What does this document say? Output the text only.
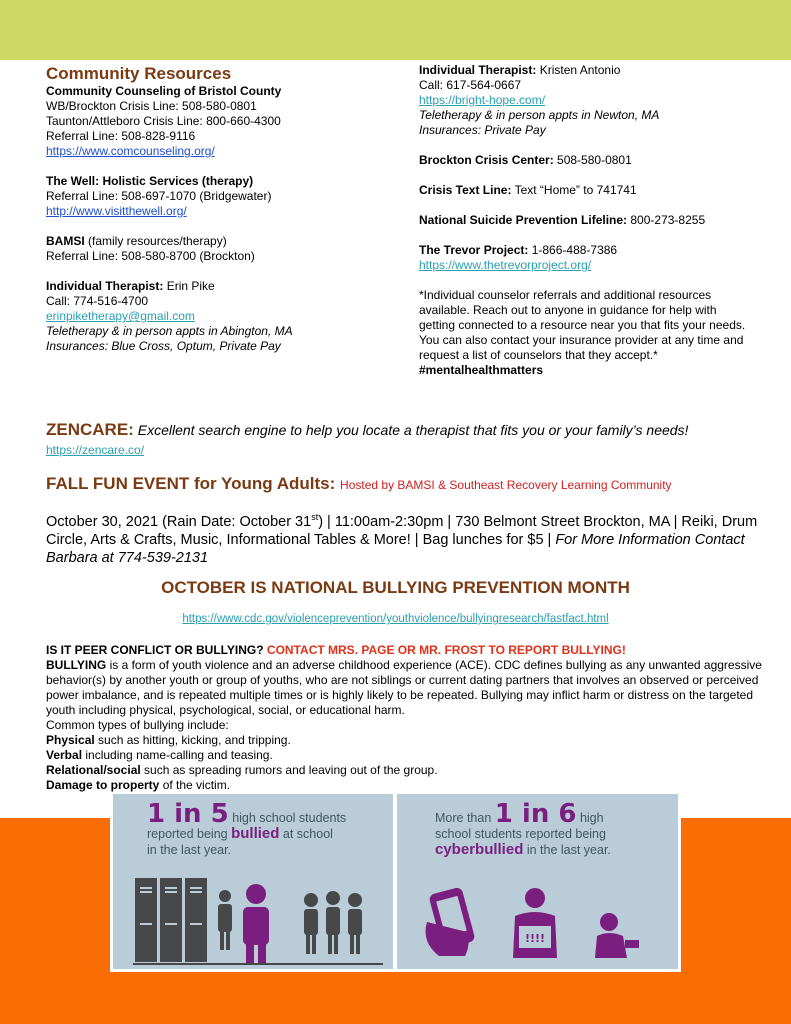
Community Resources

Community Counseling of Bristol County

WB/Brockton Crisis Line: 508-580-0801

Taunton/Attleboro Crisis Line: 800-660-4300

Referral Line: 508-828-9116

https://www.comcounseling.org/

The Well: Holistic Services (therapy)

Referral Line: 508-697-1070 (Bridgewater)

http://www.visitthewell.org/

BAMSI (family resources/therapy)

Referral Line: 508-580-8700 (Brockton)

Individual Therapist: Erin Pike

Call: 774-516-4700

erinpiketherapy@gmail.com

Teletherapy & in person appts in Abington, MA

Insurances: Blue Cross, Optum, Private Pay

Individual Therapist: Kristen Antonio

Call: 617-564-0667

https://bright-hope.com/

Teletherapy & in person appts in Newton, MA

Insurances: Private Pay

Brockton Crisis Center: 508-580-0801

Crisis Text Line: Text “Home” to 741741

National Suicide Prevention Lifeline: 800-273-8255

The Trevor Project: 1-866-488-7386

https://www.thetrevorproject.org/

*Individual counselor referrals and additional resources available. Reach out to anyone in guidance for help with getting connected to a resource near you that fits your needs. You can also contact your insurance provider at any time and request a list of counselors that they accept.*  #mentalhealthmatters

ZENCARE: Excellent search engine to help you locate a therapist that fits you or your family’s needs! https://zencare.co/
FALL FUN EVENT for Young Adults: Hosted by BAMSI & Southeast Recovery Learning Community
October 30, 2021 (Rain Date: October 31st) | 11:00am-2:30pm | 730 Belmont Street Brockton, MA | Reiki, Drum Circle, Arts & Crafts, Music, Informational Tables & More! | Bag lunches for $5 | For More Information Contact Barbara at 774-539-2131
OCTOBER IS NATIONAL BULLYING PREVENTION MONTH
https://www.cdc.gov/violenceprevention/youthviolence/bullyingresearch/fastfact.html
IS IT PEER CONFLICT OR BULLYING? CONTACT MRS. PAGE OR MR. FROST TO REPORT BULLYING!
BULLYING is a form of youth violence and an adverse childhood experience (ACE). CDC defines bullying as any unwanted aggressive behavior(s) by another youth or group of youths, who are not siblings or current dating partners that involves an observed or perceived power imbalance, and is repeated multiple times or is highly likely to be repeated. Bullying may inflict harm or distress on the targeted youth including physical, psychological, social, or educational harm.
Common types of bullying include:
Physical such as hitting, kicking, and tripping.
Verbal including name-calling and teasing.
Relational/social such as spreading rumors and leaving out of the group.
Damage to property of the victim.
1 in 5 high school students
reported being bullied at school
in the last year.
More than 1 in 6 high
school students reported being
cyberbullied in the last year.
!!!!
